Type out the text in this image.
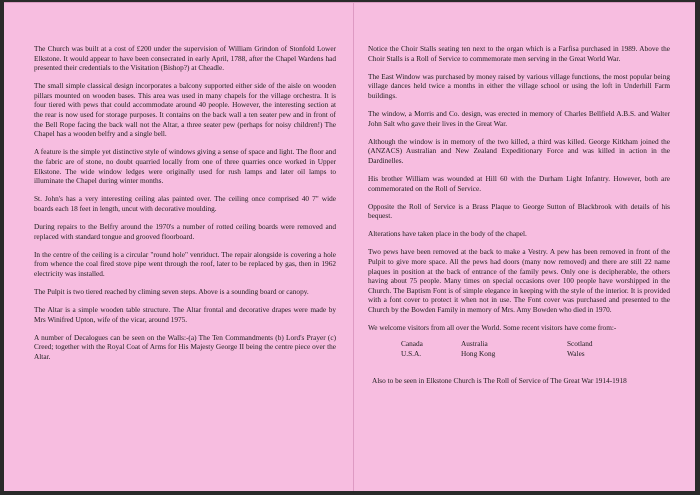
The Church was built at a cost of £200 under the supervision of William Grindon of Stonfold Lower Elkstone. It would appear to have been consecrated in early April, 1788, after the Chapel Wardens had presented their credentials to the Visitation (Bishop?) at Cheadle.

The small simple classical design incorporates a balcony supported either side of the aisle on wooden pillars mounted on wooden bases. This area was used in many chapels for the village orchestra. It is four tiered with pews that could accommodate around 40 people. However, the interesting section at the rear is now used for storage purposes. It contains on the back wall a ten seater pew and in front of the Bell Rope facing the back wall not the Altar, a three seater pew (perhaps for noisy children!) The Chapel has a wooden belfry and a single bell.

A feature is the simple yet distinctive style of windows giving a sense of space and light. The floor and the fabric are of stone, no doubt quarried locally from one of three quarries once worked in Upper Elkstone. The wide window ledges were originally used for rush lamps and later oil lamps to illuminate the Chapel during winter months.

St. John's has a very interesting ceiling alas painted over. The ceiling once comprised 40 7" wide boards each 18 feet in length, uncut with decorative moulding.

During repairs to the Belfry around the 1970's a number of rotted ceiling boards were removed and replaced with standard tongue and grooved floorboard.

In the centre of the ceiling is a circular "round hole" venriduct. The repair alongside is covering a hole from whence the coal fired stove pipe went through the roof, later to be replaced by gas, then in 1962 electricity was installed.

The Pulpit is two tiered reached by climing seven steps. Above is a sounding board or canopy.

The Altar is a simple wooden table structure. The Altar frontal and decorative drapes were made by Mrs Winifred Upton, wife of the vicar, around 1975.

A number of Decalogues can be seen on the Walls:-(a) The Ten Commandments (b) Lord's Prayer (c) Creed; together with the Royal Coat of Arms for His Majesty George II being the centre piece over the Altar.

Notice the Choir Stalls seating ten next to the organ which is a Farfisa purchased in 1989. Above the Choir Stalls is a Roll of Service to commemorate men serving in the Great World War.

The East Window was purchased by money raised by various village functions, the most popular being village dances held twice a months in either the village school or using the loft in Underhill Farm buildings.

The window, a Morris and Co. design, was erected in memory of Charles Bellfield A.B.S. and Walter John Salt who gave their lives in the Great War.

Although the window is in memory of the two killed, a third was killed. George Kitkham joined the (ANZACS) Australian and New Zealand Expeditionary Force and was killed in action in the Dardinelles.

His brother William was wounded at Hill 60 with the Durham Light Infantry. However, both are commemorated on the Roll of Service.

Opposite the Roll of Service is a Brass Plaque to George Sutton of Blackbrook with details of his bequest.

Alterations have taken place in the body of the chapel.

Two pews have been removed at the back to make a Vestry. A pew has been removed in front of the Pulpit to give more space. All the pews had doors (many now removed) and there are still 22 name plaques in position at the back of entrance of the family pews. Only one is decipherable, the others having about 75 people. Many times on special occasions over 100 people have worshipped in the Church. The Baptism Font is of simple elegance in keeping with the style of the interior. It is provided with a font cover to protect it when not in use. The Font cover was purchased and presented to the Church by the Bowden Family in memory of Mrs. Amy Bowden who died in 1970.

We welcome visitors from all over the World. Some recent visitors have come from:-

Canada	Australia	Scotland
U.S.A.	Hong Kong	Wales
Also to be seen in Elkstone Church is The Roll of Service of The Great War 1914-1918
